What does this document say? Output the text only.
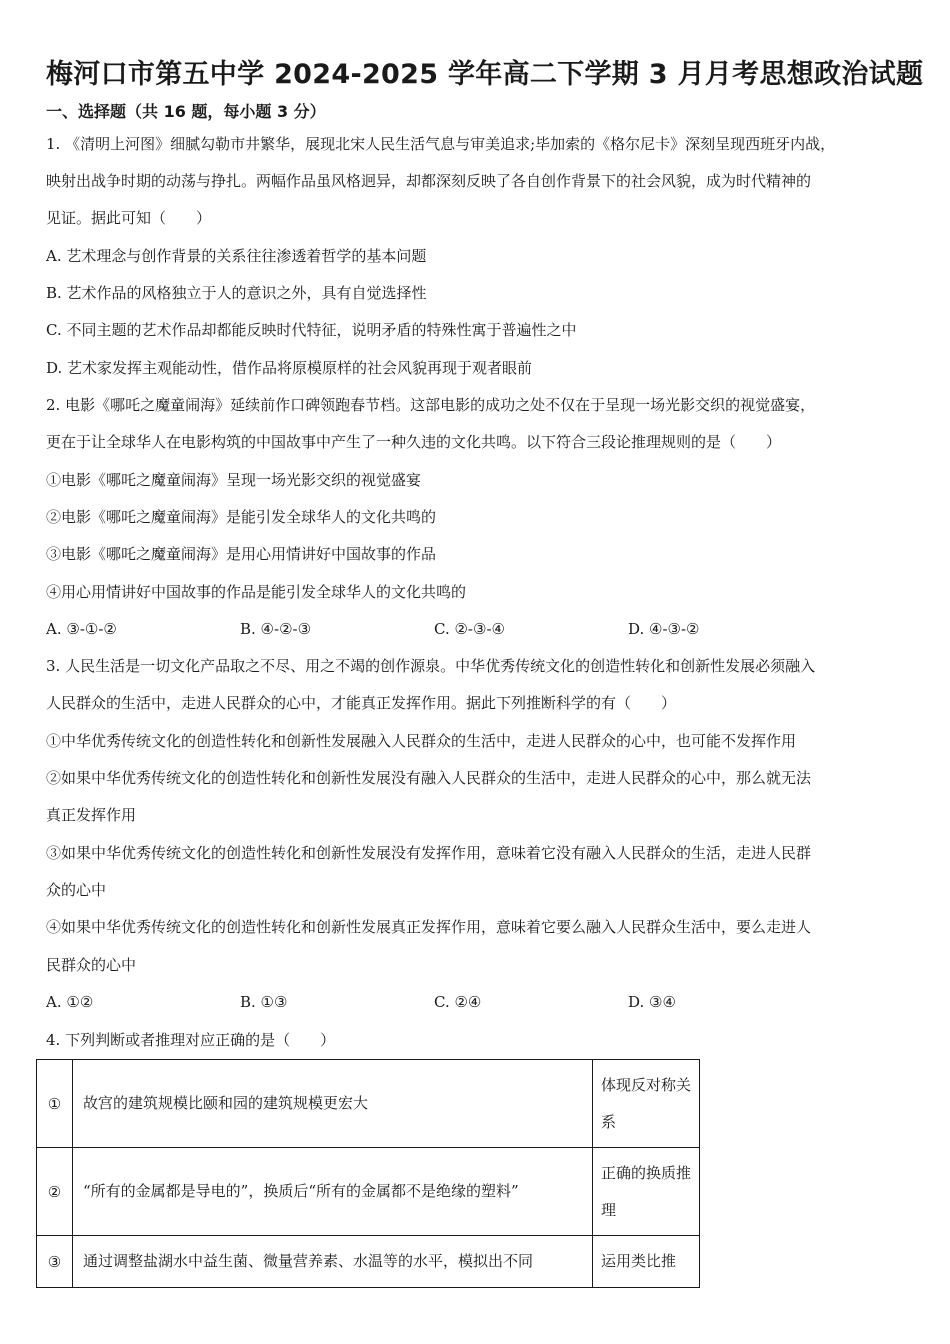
梅河口市第五中学 2024-2025 学年高二下学期 3 月月考思想政治试题
一、选择题（共 16 题，每小题 3 分）
1. 《清明上河图》细腻勾勒市井繁华，展现北宋人民生活气息与审美追求;毕加索的《格尔尼卡》深刻呈现西班牙内战，
映射出战争时期的动荡与挣扎。两幅作品虽风格迥异，却都深刻反映了各自创作背景下的社会风貌，成为时代精神的
见证。据此可知（　　）
A. 艺术理念与创作背景的关系往往渗透着哲学的基本问题
B. 艺术作品的风格独立于人的意识之外，具有自觉选择性
C. 不同主题的艺术作品却都能反映时代特征，说明矛盾的特殊性寓于普遍性之中
D. 艺术家发挥主观能动性，借作品将原模原样的社会风貌再现于观者眼前
2. 电影《哪吒之魔童闹海》延续前作口碑领跑春节档。这部电影的成功之处不仅在于呈现一场光影交织的视觉盛宴，
更在于让全球华人在电影构筑的中国故事中产生了一种久违的文化共鸣。以下符合三段论推理规则的是（　　）
①电影《哪吒之魔童闹海》呈现一场光影交织的视觉盛宴
②电影《哪吒之魔童闹海》是能引发全球华人的文化共鸣的
③电影《哪吒之魔童闹海》是用心用情讲好中国故事的作品
④用心用情讲好中国故事的作品是能引发全球华人的文化共鸣的
A. ③-①-②	B. ④-②-③	C. ②-③-④	D. ④-③-②
3. 人民生活是一切文化产品取之不尽、用之不竭的创作源泉。中华优秀传统文化的创造性转化和创新性发展必须融入
人民群众的生活中，走进人民群众的心中，才能真正发挥作用。据此下列推断科学的有（　　）
①中华优秀传统文化的创造性转化和创新性发展融入人民群众的生活中，走进人民群众的心中，也可能不发挥作用
②如果中华优秀传统文化的创造性转化和创新性发展没有融入人民群众的生活中，走进人民群众的心中，那么就无法
真正发挥作用
③如果中华优秀传统文化的创造性转化和创新性发展没有发挥作用，意味着它没有融入人民群众的生活，走进人民群
众的心中
④如果中华优秀传统文化的创造性转化和创新性发展真正发挥作用，意味着它要么融入人民群众生活中，要么走进人
民群众的心中
A. ①②	B. ①③	C. ②④	D. ③④
4. 下列判断或者推理对应正确的是（　　）
①	故宫的建筑规模比颐和园的建筑规模更宏大	体现反对称关系
②	“所有的金属都是导电的”，换质后“所有的金属都不是绝缘的塑料”	正确的换质推理
③	通过调整盐湖水中益生菌、微量营养素、水温等的水平，模拟出不同	运用类比推
